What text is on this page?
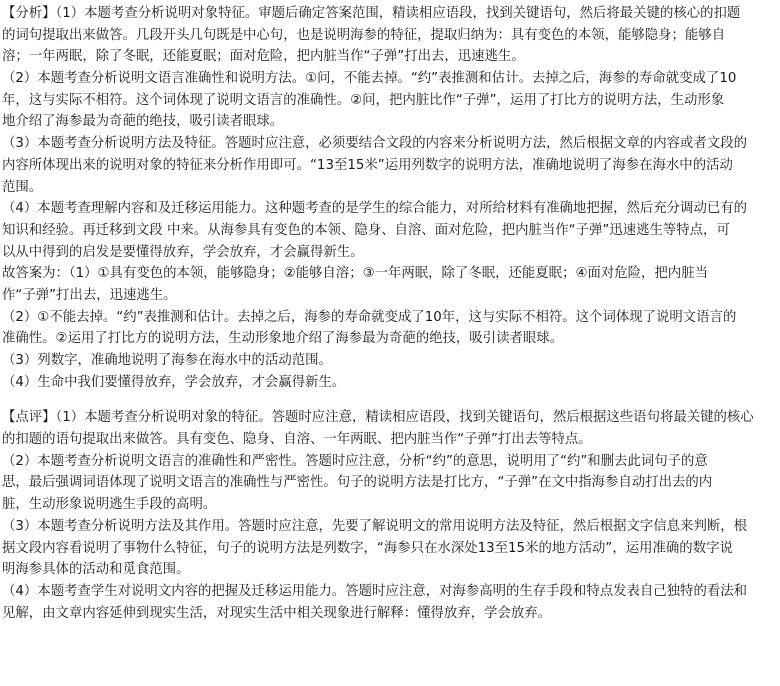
【分析】（1）本题考查分析说明对象特征。审题后确定答案范围，精读相应语段，找到关键语句，然后将最关键的核心的扣题
的词句提取出来做答。几段开头几句既是中心句，也是说明海参的特征，提取归纳为：具有变色的本领，能够隐身；能够自
溶；一年两眠，除了冬眠，还能夏眠；面对危险，把内脏当作“子弹”打出去，迅速逃生。
（2）本题考查分析说明文语言准确性和说明方法。①问，不能去掉。“约”表推测和估计。去掉之后，海参的寿命就变成了10
年，这与实际不相符。这个词体现了说明文语言的准确性。②问，把内脏比作“子弹”，运用了打比方的说明方法，生动形象
地介绍了海参最为奇葩的绝技，吸引读者眼球。
（3）本题考查分析说明方法及特征。答题时应注意，必须要结合文段的内容来分析说明方法，然后根据文章的内容或者文段的
内容所体现出来的说明对象的特征来分析作用即可。“13至15米”运用列数字的说明方法，准确地说明了海参在海水中的活动
范围。
（4）本题考查理解内容和及迁移运用能力。这种题考查的是学生的综合能力，对所给材料有准确地把握，然后充分调动已有的
知识和经验。再迁移到文段 中来。从海参具有变色的本领、隐身、自溶、面对危险，把内脏当作“子弹”迅速逃生等特点，可
以从中得到的启发是要懂得放弃，学会放弃，才会赢得新生。
故答案为：（1）①具有变色的本领，能够隐身；②能够自溶；③一年两眠，除了冬眠，还能夏眠；④面对危险，把内脏当
作“子弹”打出去，迅速逃生。
（2）①不能去掉。“约”表推测和估计。去掉之后，海参的寿命就变成了10年，这与实际不相符。这个词体现了说明文语言的
准确性。②运用了打比方的说明方法，生动形象地介绍了海参最为奇葩的绝技，吸引读者眼球。
（3）列数字，准确地说明了海参在海水中的活动范围。
（4）生命中我们要懂得放弃，学会放弃，才会赢得新生。
【点评】（1）本题考查分析说明对象的特征。答题时应注意，精读相应语段，找到关键语句，然后根据这些语句将最关键的核心
的扣题的语句提取出来做答。具有变色、隐身、自溶、一年两眠、把内脏当作“子弹”打出去等特点。
（2）本题考查分析说明文语言的准确性和严密性。答题时应注意，分析“约”的意思，说明用了“约”和删去此词句子的意
思，最后强调词语体现了说明文语言的准确性与严密性。句子的说明方法是打比方，“子弹”在文中指海参自动打出去的内
脏，生动形象说明逃生手段的高明。
（3）本题考查分析说明方法及其作用。答题时应注意，先要了解说明文的常用说明方法及特征，然后根据文字信息来判断，根
据文段内容看说明了事物什么特征，句子的说明方法是列数字，“海参只在水深处13至15米的地方活动”，运用准确的数字说
明海参具体的活动和觅食范围。
（4）本题考查学生对说明文内容的把握及迁移运用能力。答题时应注意，对海参高明的生存手段和特点发表自己独特的看法和
见解，由文章内容延伸到现实生活，对现实生活中相关现象进行解释：懂得放弃，学会放弃。
